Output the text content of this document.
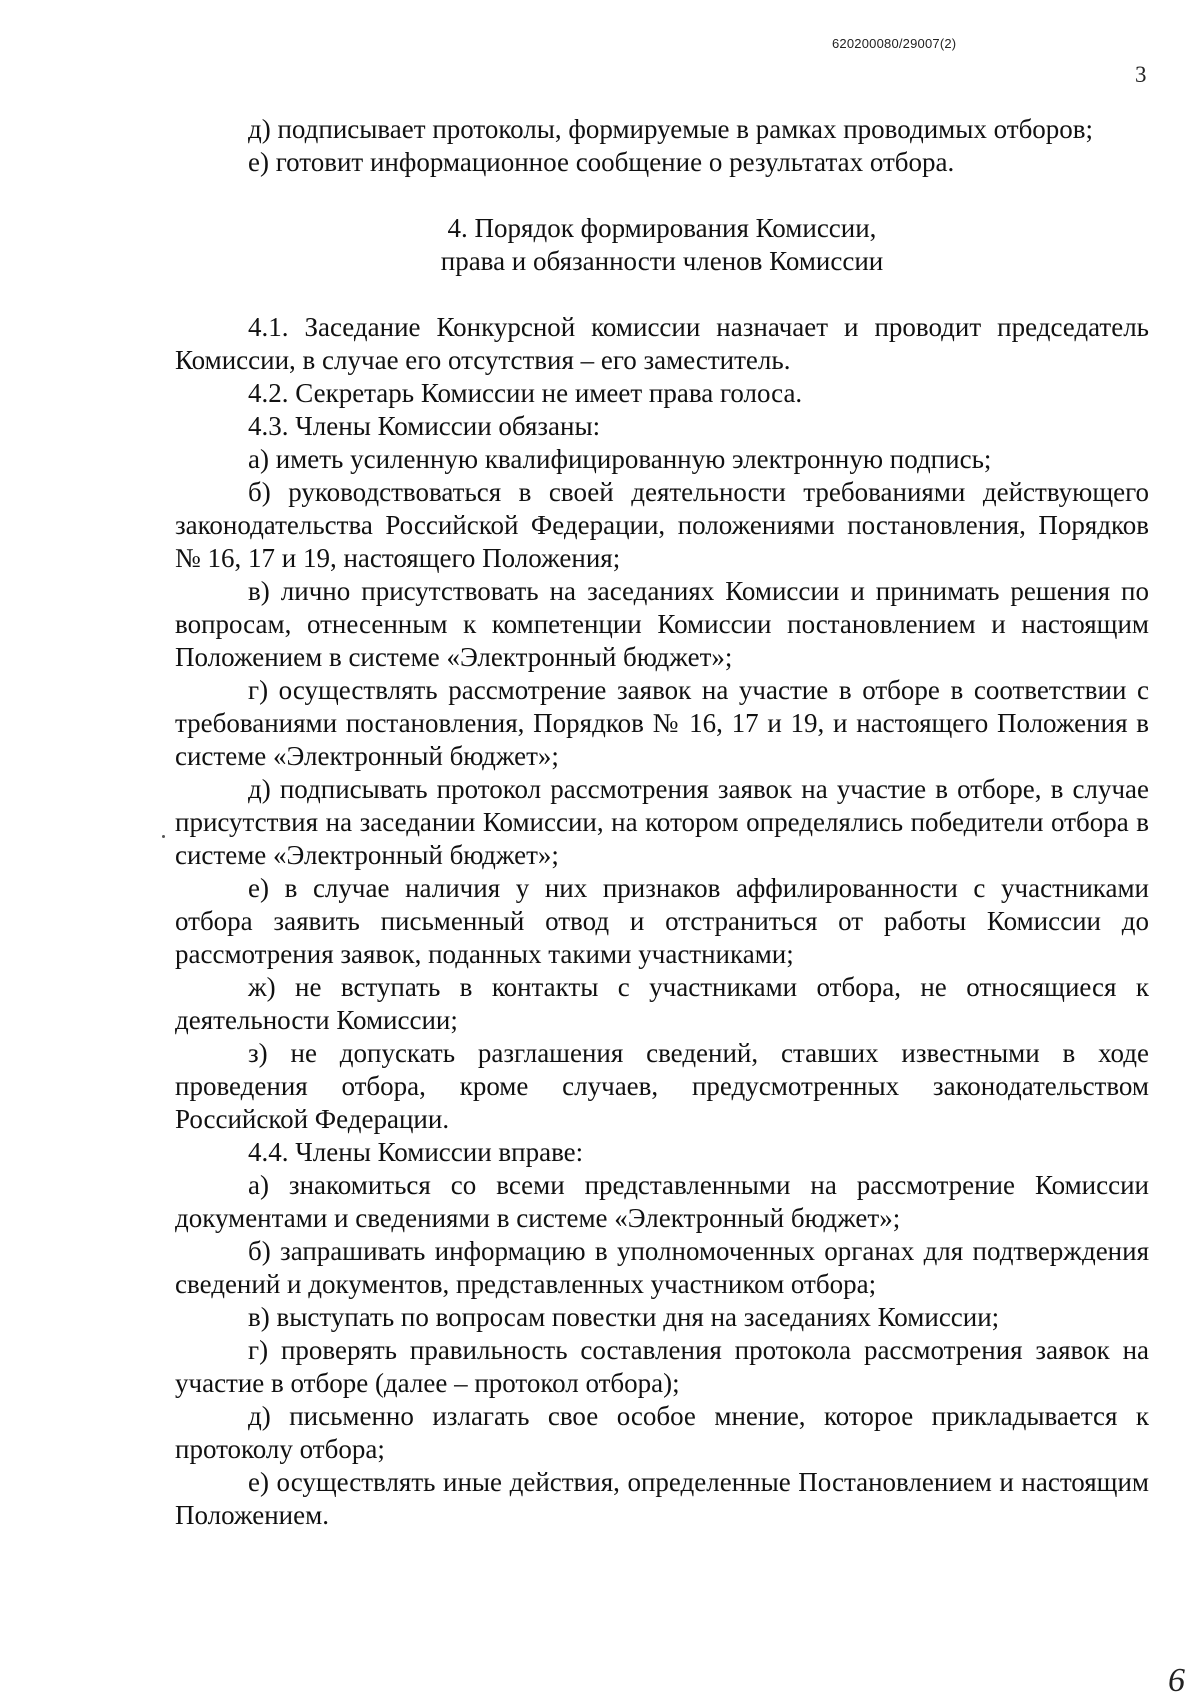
620200080/29007(2)
3

д) подписывает протоколы, формируемые в рамках проводимых отборов;

е) готовит информационное сообщение о результатах отбора.

4. Порядок формирования Комиссии,
права и обязанности членов Комиссии

4.1. Заседание Конкурсной комиссии назначает и проводит председатель Комиссии, в случае его отсутствия – его заместитель.

4.2. Секретарь Комиссии не имеет права голоса.

4.3. Члены Комиссии обязаны:

а) иметь усиленную квалифицированную электронную подпись;

б) руководствоваться в своей деятельности требованиями действующего законодательства Российской Федерации, положениями постановления, Порядков № 16, 17 и 19, настоящего Положения;

в) лично присутствовать на заседаниях Комиссии и принимать решения по вопросам, отнесенным к компетенции Комиссии постановлением и настоящим Положением в системе «Электронный бюджет»;

г) осуществлять рассмотрение заявок на участие в отборе в соответствии с требованиями постановления, Порядков № 16, 17 и 19, и настоящего Положения в системе «Электронный бюджет»;

д) подписывать протокол рассмотрения заявок на участие в отборе, в случае присутствия на заседании Комиссии, на котором определялись победители отбора в системе «Электронный бюджет»;

е) в случае наличия у них признаков аффилированности с участниками отбора заявить письменный отвод и отстраниться от работы Комиссии до рассмотрения заявок, поданных такими участниками;

ж) не вступать в контакты с участниками отбора, не относящиеся к деятельности Комиссии;

з) не допускать разглашения сведений, ставших известными в ходе проведения отбора, кроме случаев, предусмотренных законодательством Российской Федерации.

4.4. Члены Комиссии вправе:

а) знакомиться со всеми представленными на рассмотрение Комиссии документами и сведениями в системе «Электронный бюджет»;

б) запрашивать информацию в уполномоченных органах для подтверждения сведений и документов, представленных участником отбора;

в) выступать по вопросам повестки дня на заседаниях Комиссии;

г) проверять правильность составления протокола рассмотрения заявок на участие в отборе (далее – протокол отбора);

д) письменно излагать свое особое мнение, которое прикладывается к протоколу отбора;

е) осуществлять иные действия, определенные Постановлением и настоящим Положением.

6
